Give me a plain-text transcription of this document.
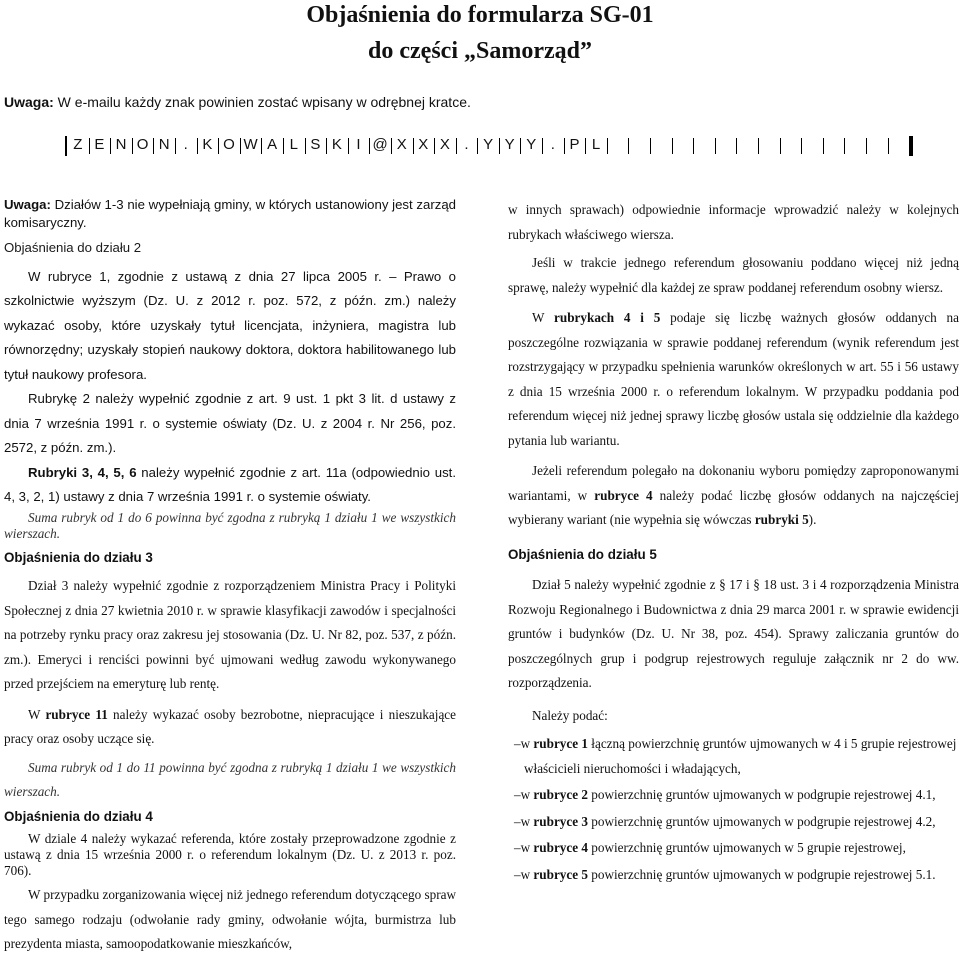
Objaśnienia do formularza SG-01
do części „Samorząd”
Uwaga: W e-mailu każdy znak powinien zostać wpisany w odrębnej kratce.
Z E N O N . K O W A L S K I @ X X X . Y Y Y . P L

Uwaga: Działów 1-3 nie wypełniają gminy, w których ustanowiony jest zarząd komisaryczny.

Objaśnienia do działu 2

W rubryce 1, zgodnie z ustawą z dnia 27 lipca 2005 r. – Prawo o szkolnictwie wyższym (Dz. U. z 2012 r. poz. 572, z późn. zm.) należy wykazać osoby, które uzyskały tytuł licencjata, inżyniera, magistra lub równorzędny; uzyskały stopień naukowy doktora, doktora habilitowanego lub tytuł naukowy profesora.

Rubrykę 2 należy wypełnić zgodnie z art. 9 ust. 1 pkt 3 lit. d ustawy z dnia 7 września 1991 r. o systemie oświaty (Dz. U. z 2004 r. Nr 256, poz. 2572, z późn. zm.).

Rubryki 3, 4, 5, 6 należy wypełnić zgodnie z art. 11a (odpowiednio ust. 4, 3, 2, 1) ustawy z dnia 7 września 1991 r. o systemie oświaty.

Suma rubryk od 1 do 6 powinna być zgodna z rubryką 1 działu 1 we wszystkich wierszach.

Objaśnienia do działu 3

Dział 3 należy wypełnić zgodnie z rozporządzeniem Ministra Pracy i Polityki Społecznej z dnia 27 kwietnia 2010 r. w sprawie klasyfikacji zawodów i specjalności na potrzeby rynku pracy oraz zakresu jej stosowania (Dz. U. Nr 82, poz. 537, z późn. zm.). Emeryci i renciści powinni być ujmowani według zawodu wykonywanego przed przejściem na emeryturę lub rentę.

W rubryce 11 należy wykazać osoby bezrobotne, niepracujące i nieszukające pracy oraz osoby uczące się.

Suma rubryk od 1 do 11 powinna być zgodna z rubryką 1 działu 1 we wszystkich wierszach.

Objaśnienia do działu 4

W dziale 4 należy wykazać referenda, które zostały przeprowadzone zgodnie z ustawą z dnia 15 września 2000 r. o referendum lokalnym (Dz. U. z 2013 r. poz. 706).

W przypadku zorganizowania więcej niż jednego referendum dotyczącego spraw tego samego rodzaju (odwołanie rady gminy, odwołanie wójta, burmistrza lub prezydenta miasta, samoopodatkowanie mieszkańców,

w innych sprawach) odpowiednie informacje wprowadzić należy w kolejnych rubrykach właściwego wiersza.

Jeśli w trakcie jednego referendum głosowaniu poddano więcej niż jedną sprawę, należy wypełnić dla każdej ze spraw poddanej referendum osobny wiersz.

W rubrykach 4 i 5 podaje się liczbę ważnych głosów oddanych na poszczególne rozwiązania w sprawie poddanej referendum (wynik referendum jest rozstrzygający w przypadku spełnienia warunków określonych w art. 55 i 56 ustawy z dnia 15 września 2000 r. o referendum lokalnym. W przypadku poddania pod referendum więcej niż jednej sprawy liczbę głosów ustala się oddzielnie dla każdego pytania lub wariantu.

Jeżeli referendum polegało na dokonaniu wyboru pomiędzy zaproponowanymi wariantami, w rubryce 4 należy podać liczbę głosów oddanych na najczęściej wybierany wariant (nie wypełnia się wówczas rubryki 5).

Objaśnienia do działu 5

Dział 5 należy wypełnić zgodnie z § 17 i § 18 ust. 3 i 4 rozporządzenia Ministra Rozwoju Regionalnego i Budownictwa z dnia 29 marca 2001 r. w sprawie ewidencji gruntów i budynków (Dz. U. Nr 38, poz. 454). Sprawy zaliczania gruntów do poszczególnych grup i podgrup rejestrowych reguluje załącznik nr 2 do ww. rozporządzenia.

Należy podać:
–w rubryce 1 łączną powierzchnię gruntów ujmowanych w 4 i 5 grupie rejestrowej właścicieli nieruchomości i władających,
–w rubryce 2 powierzchnię gruntów ujmowanych w podgrupie rejestrowej 4.1,
–w rubryce 3 powierzchnię gruntów ujmowanych w podgrupie rejestrowej 4.2,
–w rubryce 4 powierzchnię gruntów ujmowanych w 5 grupie rejestrowej,
–w rubryce 5 powierzchnię gruntów ujmowanych w podgrupie rejestrowej 5.1.
